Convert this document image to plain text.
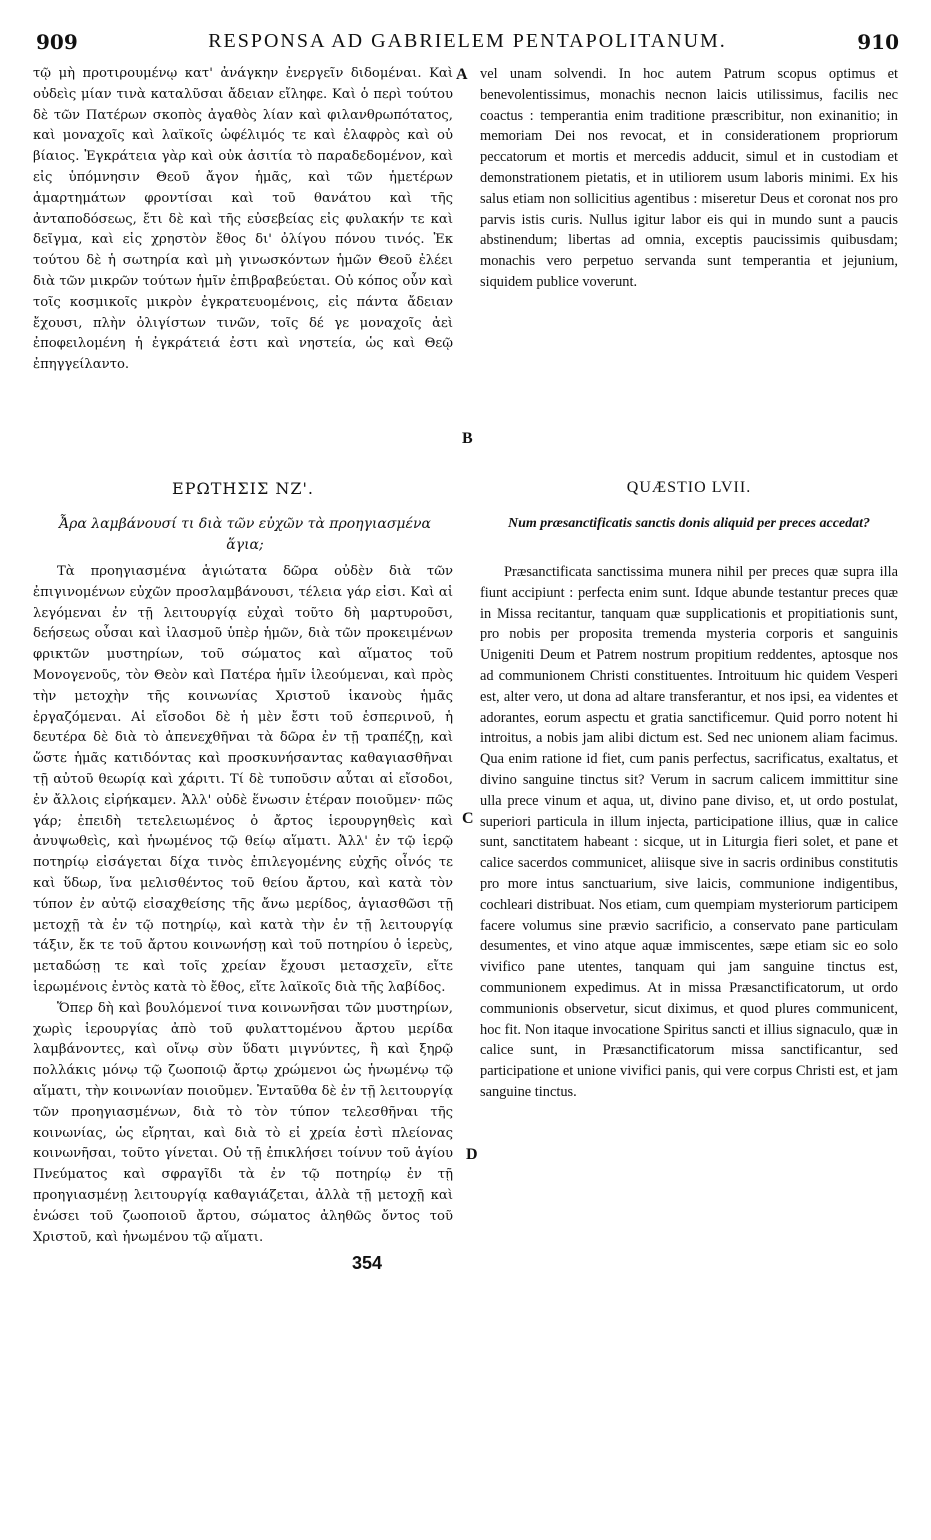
909	RESPONSA AD GABRIELEM PENTAPOLITANUM.	910

τῷ μὴ προτιρουμένῳ κατ' ἀνάγκην ἐνεργεῖν διδομέναι. Καὶ οὐδεὶς μίαν τινὰ καταλῦσαι ἄδειαν εἴληφε. Καὶ ὁ περὶ τούτου δὲ τῶν Πατέρων σκοπὸς ἀγαθὸς λίαν καὶ φιλανθρωπότατος, καὶ μοναχοῖς καὶ λαϊκοῖς ὠφέλιμός τε καὶ ἐλαφρὸς καὶ οὐ βίαιος. Ἐγκράτεια γὰρ καὶ οὐκ ἀσιτία τὸ παραδεδομένον, καὶ εἰς ὑπόμνησιν Θεοῦ ἄγον ἡμᾶς, καὶ τῶν ἡμετέρων ἁμαρτημάτων φροντίσαι καὶ τοῦ θανάτου καὶ τῆς ἀνταποδόσεως, ἔτι δὲ καὶ τῆς εὐσεβείας εἰς φυλακήν τε καὶ δεῖγμα, καὶ εἰς χρηστὸν ἔθος δι' ὀλίγου πόνου τινός. Ἐκ τούτου δὲ ἡ σωτηρία καὶ μὴ γινωσκόντων ἡμῶν Θεοῦ ἐλέει διὰ τῶν μικρῶν τούτων ἡμῖν ἐπιβραβεύεται. Οὐ κόπος οὖν καὶ τοῖς κοσμικοῖς μικρὸν ἐγκρατευομένοις, εἰς πάντα ἄδειαν ἔχουσι, πλὴν ὀλιγίστων τινῶν, τοῖς δέ γε μοναχοῖς ἀεὶ ἐποφειλομένη ἡ ἐγκράτειά ἐστι καὶ νηστεία, ὡς καὶ Θεῷ ἐπηγγείλαντο.

vel unam solvendi. In hoc autem Patrum scopus optimus et benevolentissimus, monachis necnon laicis utilissimus, facilis nec coactus : temperantia enim traditione præscribitur, non exinanitio; in memoriam Dei nos revocat, et in considerationem propriorum peccatorum et mortis et mercedis adducit, simul et in custodiam et demonstrationem pietatis, et in utiliorem usum laboris minimi. Ex his salus etiam non sollicitius agentibus : miseretur Deus et coronat nos pro parvis istis curis. Nullus igitur labor eis qui in mundo sunt a paucis abstinendum; libertas ad omnia, exceptis paucissimis quibusdam; monachis vero perpetuo servanda sunt temperantia et jejunium, siquidem publice voverunt.

A
B
C
D
ΕΡΩΤΗΣΙΣ ΝΖ'.	QUÆSTIO LVII.
Ἆρα λαμβάνουσί τι διὰ τῶν εὐχῶν τὰ προηγιασμένα ἅγια;
Num præsanctificatis sanctis donis aliquid per preces accedat?

Τὰ προηγιασμένα ἁγιώτατα δῶρα οὐδὲν διὰ τῶν ἐπιγινομένων εὐχῶν προσλαμβάνουσι, τέλεια γάρ εἰσι. Καὶ αἱ λεγόμεναι ἐν τῇ λειτουργίᾳ εὐχαὶ τοῦτο δὴ μαρτυροῦσι, δεήσεως οὖσαι καὶ ἱλασμοῦ ὑπὲρ ἡμῶν, διὰ τῶν προκειμένων φρικτῶν μυστηρίων, τοῦ σώματος καὶ αἵματος τοῦ Μονογενοῦς, τὸν Θεὸν καὶ Πατέρα ἡμῖν ἱλεούμεναι, καὶ πρὸς τὴν μετοχὴν τῆς κοινωνίας Χριστοῦ ἱκανοὺς ἡμᾶς ἐργαζόμεναι. Αἱ εἴσοδοι δὲ ἡ μὲν ἔστι τοῦ ἑσπερινοῦ, ἡ δευτέρα δὲ διὰ τὸ ἀπενεχθῆναι τὰ δῶρα ἐν τῇ τραπέζῃ, καὶ ὥστε ἡμᾶς κατιδόντας καὶ προσκυνήσαντας καθαγιασθῆναι τῇ αὐτοῦ θεωρίᾳ καὶ χάριτι. Τί δὲ τυποῦσιν αὗται αἱ εἴσοδοι, ἐν ἄλλοις εἰρήκαμεν. Ἀλλ' οὐδὲ ἕνωσιν ἑτέραν ποιοῦμεν· πῶς γάρ; ἐπειδὴ τετελειωμένος ὁ ἄρτος ἱερουργηθεὶς καὶ ἀνυψωθεὶς, καὶ ἡνωμένος τῷ θείῳ αἵματι. Ἀλλ' ἐν τῷ ἱερῷ ποτηρίῳ εἰσάγεται δίχα τινὸς ἐπιλεγομένης εὐχῆς οἶνός τε καὶ ὕδωρ, ἵνα μελισθέντος τοῦ θείου ἄρτου, καὶ κατὰ τὸν τύπον ἐν αὐτῷ εἰσαχθείσης τῆς ἄνω μερίδος, ἁγιασθῶσι τῇ μετοχῇ τὰ ἐν τῷ ποτηρίῳ, καὶ κατὰ τὴν ἐν τῇ λειτουργίᾳ τάξιν, ἔκ τε τοῦ ἄρτου κοινωνήσῃ καὶ τοῦ ποτηρίου ὁ ἱερεὺς, μεταδώσῃ τε καὶ τοῖς χρείαν ἔχουσι μετασχεῖν, εἴτε ἱερωμένοις ἐντὸς κατὰ τὸ ἔθος, εἴτε λαϊκοῖς διὰ τῆς λαβίδος.

Ὅπερ δὴ καὶ βουλόμενοί τινα κοινωνῆσαι τῶν μυστηρίων, χωρὶς ἱερουργίας ἀπὸ τοῦ φυλαττομένου ἄρτου μερίδα λαμβάνοντες, καὶ οἴνῳ σὺν ὕδατι μιγνύντες, ἢ καὶ ξηρῷ πολλάκις μόνῳ τῷ ζωοποιῷ ἄρτῳ χρώμενοι ὡς ἡνωμένῳ τῷ αἵματι, τὴν κοινωνίαν ποιοῦμεν. Ἐνταῦθα δὲ ἐν τῇ λειτουργίᾳ τῶν προηγιασμένων, διὰ τὸ τὸν τύπον τελεσθῆναι τῆς κοινωνίας, ὡς εἴρηται, καὶ διὰ τὸ εἰ χρεία ἐστὶ πλείονας κοινωνῆσαι, τοῦτο γίνεται. Οὐ τῇ ἐπικλήσει τοίνυν τοῦ ἁγίου Πνεύματος καὶ σφραγῖδι τὰ ἐν τῷ ποτηρίῳ ἐν τῇ προηγιασμένῃ λειτουργίᾳ καθαγιάζεται, ἀλλὰ τῇ μετοχῇ καὶ ἑνώσει τοῦ ζωοποιοῦ ἄρτου, σώματος ἀληθῶς ὄντος τοῦ Χριστοῦ, καὶ ἡνωμένου τῷ αἵματι.

Præsanctificata sanctissima munera nihil per preces quæ supra illa fiunt accipiunt : perfecta enim sunt. Idque abunde testantur preces quæ in Missa recitantur, tanquam quæ supplicationis et propitiationis sunt, pro nobis per proposita tremenda mysteria corporis et sanguinis Unigeniti Deum et Patrem nostrum propitium reddentes, aptosque nos ad communionem Christi constituentes. Introituum hic quidem Vesperi est, alter vero, ut dona ad altare transferantur, et nos ipsi, ea videntes et adorantes, eorum aspectu et gratia sanctificemur. Quid porro notent hi introitus, a nobis jam alibi dictum est. Sed nec unionem aliam facimus. Qua enim ratione id fiet, cum panis perfectus, sacrificatus, exaltatus, et divino sanguine tinctus sit? Verum in sacrum calicem immittitur sine ulla prece vinum et aqua, ut, divino pane diviso, et, ut ordo postulat, superiori particula in illum injecta, participatione illius, quæ in calice sunt, sanctitatem habeant : sicque, ut in Liturgia fieri solet, et pane et calice sacerdos communicet, aliisque sive in sacris ordinibus constitutis pro more intus sanctuarium, sive laicis, communione indigentibus, cochleari distribuat. Nos etiam, cum quempiam mysteriorum participem facere volumus sine prævio sacrificio, a conservato pane particulam desumentes, et vino atque aquæ immiscentes, sæpe etiam sic eo solo vivifico pane utentes, tanquam qui jam sanguine tinctus est, communionem expedimus. At in missa Præsanctificatorum, ut ordo communionis observetur, sicut diximus, et quod plures communicent, hoc fit. Non itaque invocatione Spiritus sancti et illius signaculo, quæ in calice sunt, in Præsanctificatorum missa sanctificantur, sed participatione et unione vivifici panis, qui vere corpus Christi est, et jam sanguine tinctus.

354
